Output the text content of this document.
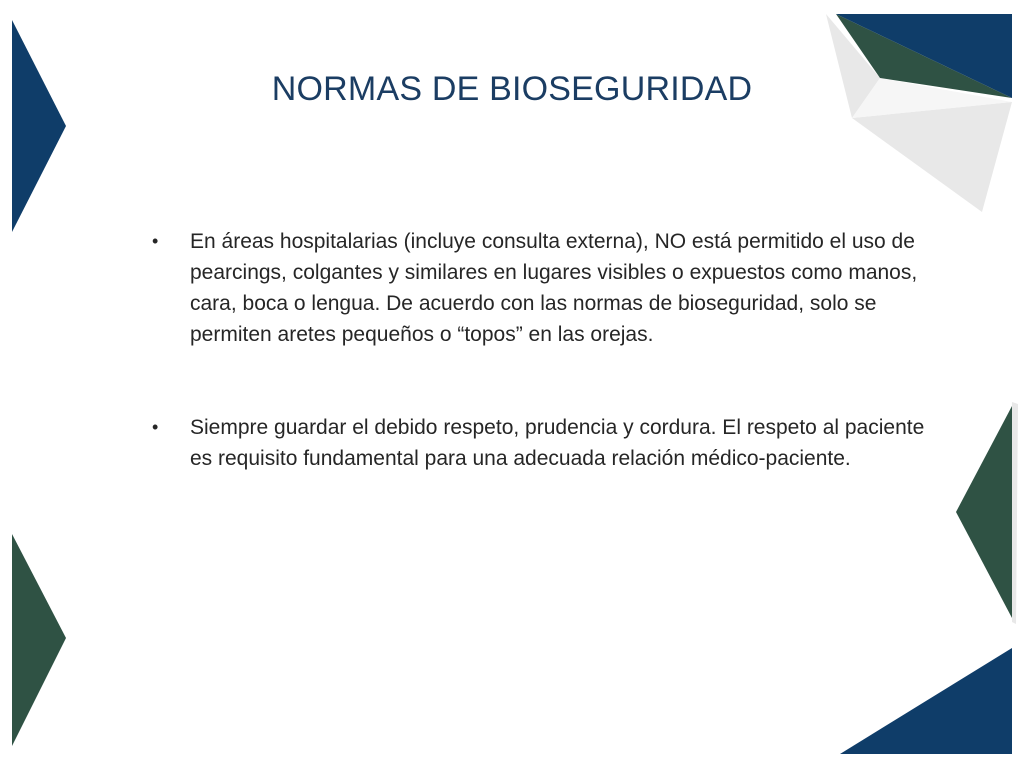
NORMAS DE BIOSEGURIDAD
• En áreas hospitalarias (incluye consulta externa), NO está permitido el uso de pearcings, colgantes y similares en lugares visibles o expuestos como manos, cara, boca o lengua. De acuerdo con las normas de bioseguridad, solo se permiten aretes pequeños o “topos” en las orejas.
• Siempre guardar el debido respeto, prudencia y cordura. El respeto al paciente es requisito fundamental para una adecuada relación médico-paciente.
